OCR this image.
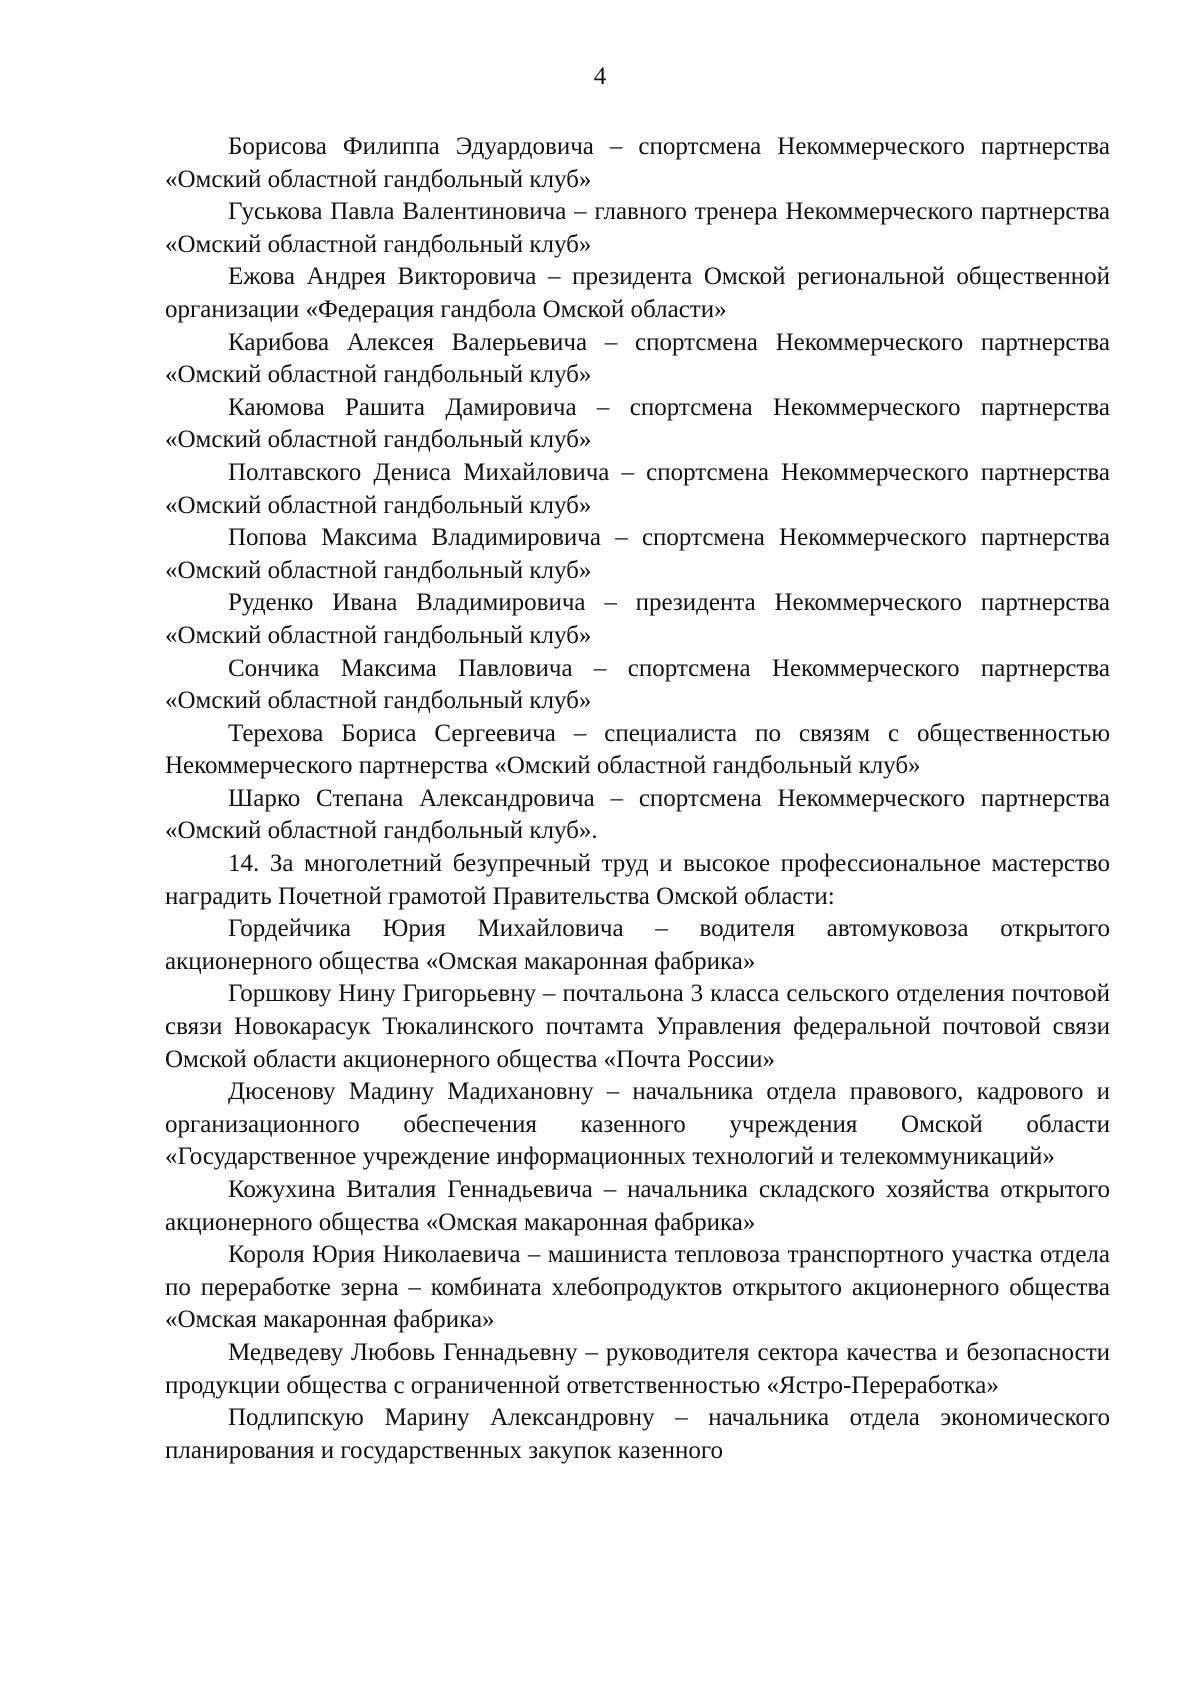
4

Борисова Филиппа Эдуардовича – спортсмена Некоммерческого партнерства «Омский областной гандбольный клуб»

Гуськова Павла Валентиновича – главного тренера Некоммерческого партнерства «Омский областной гандбольный клуб»

Ежова Андрея Викторовича – президента Омской региональной общественной организации «Федерация гандбола Омской области»

Карибова Алексея Валерьевича – спортсмена Некоммерческого партнерства «Омский областной гандбольный клуб»

Каюмова Рашита Дамировича – спортсмена Некоммерческого партнерства «Омский областной гандбольный клуб»

Полтавского Дениса Михайловича – спортсмена Некоммерческого партнерства «Омский областной гандбольный клуб»

Попова Максима Владимировича – спортсмена Некоммерческого партнерства «Омский областной гандбольный клуб»

Руденко Ивана Владимировича – президента Некоммерческого партнерства «Омский областной гандбольный клуб»

Сончика Максима Павловича – спортсмена Некоммерческого партнерства «Омский областной гандбольный клуб»

Терехова Бориса Сергеевича – специалиста по связям с общественностью Некоммерческого партнерства «Омский областной гандбольный клуб»

Шарко Степана Александровича – спортсмена Некоммерческого партнерства «Омский областной гандбольный клуб».

14. За многолетний безупречный труд и высокое профессиональное мастерство наградить Почетной грамотой Правительства Омской области:

Гордейчика Юрия Михайловича – водителя автомуковоза открытого акционерного общества «Омская макаронная фабрика»

Горшкову Нину Григорьевну – почтальона 3 класса сельского отделения почтовой связи Новокарасук Тюкалинского почтамта Управления федеральной почтовой связи Омской области акционерного общества «Почта России»

Дюсенову Мадину Мадихановну – начальника отдела правового, кадрового и организационного обеспечения казенного учреждения Омской области «Государственное учреждение информационных технологий и телекоммуникаций»

Кожухина Виталия Геннадьевича – начальника складского хозяйства открытого акционерного общества «Омская макаронная фабрика»

Короля Юрия Николаевича – машиниста тепловоза транспортного участка отдела по переработке зерна – комбината хлебопродуктов открытого акционерного общества «Омская макаронная фабрика»

Медведеву Любовь Геннадьевну – руководителя сектора качества и безопасности продукции общества с ограниченной ответственностью «Ястро-Переработка»

Подлипскую Марину Александровну – начальника отдела экономического планирования и государственных закупок казенного
